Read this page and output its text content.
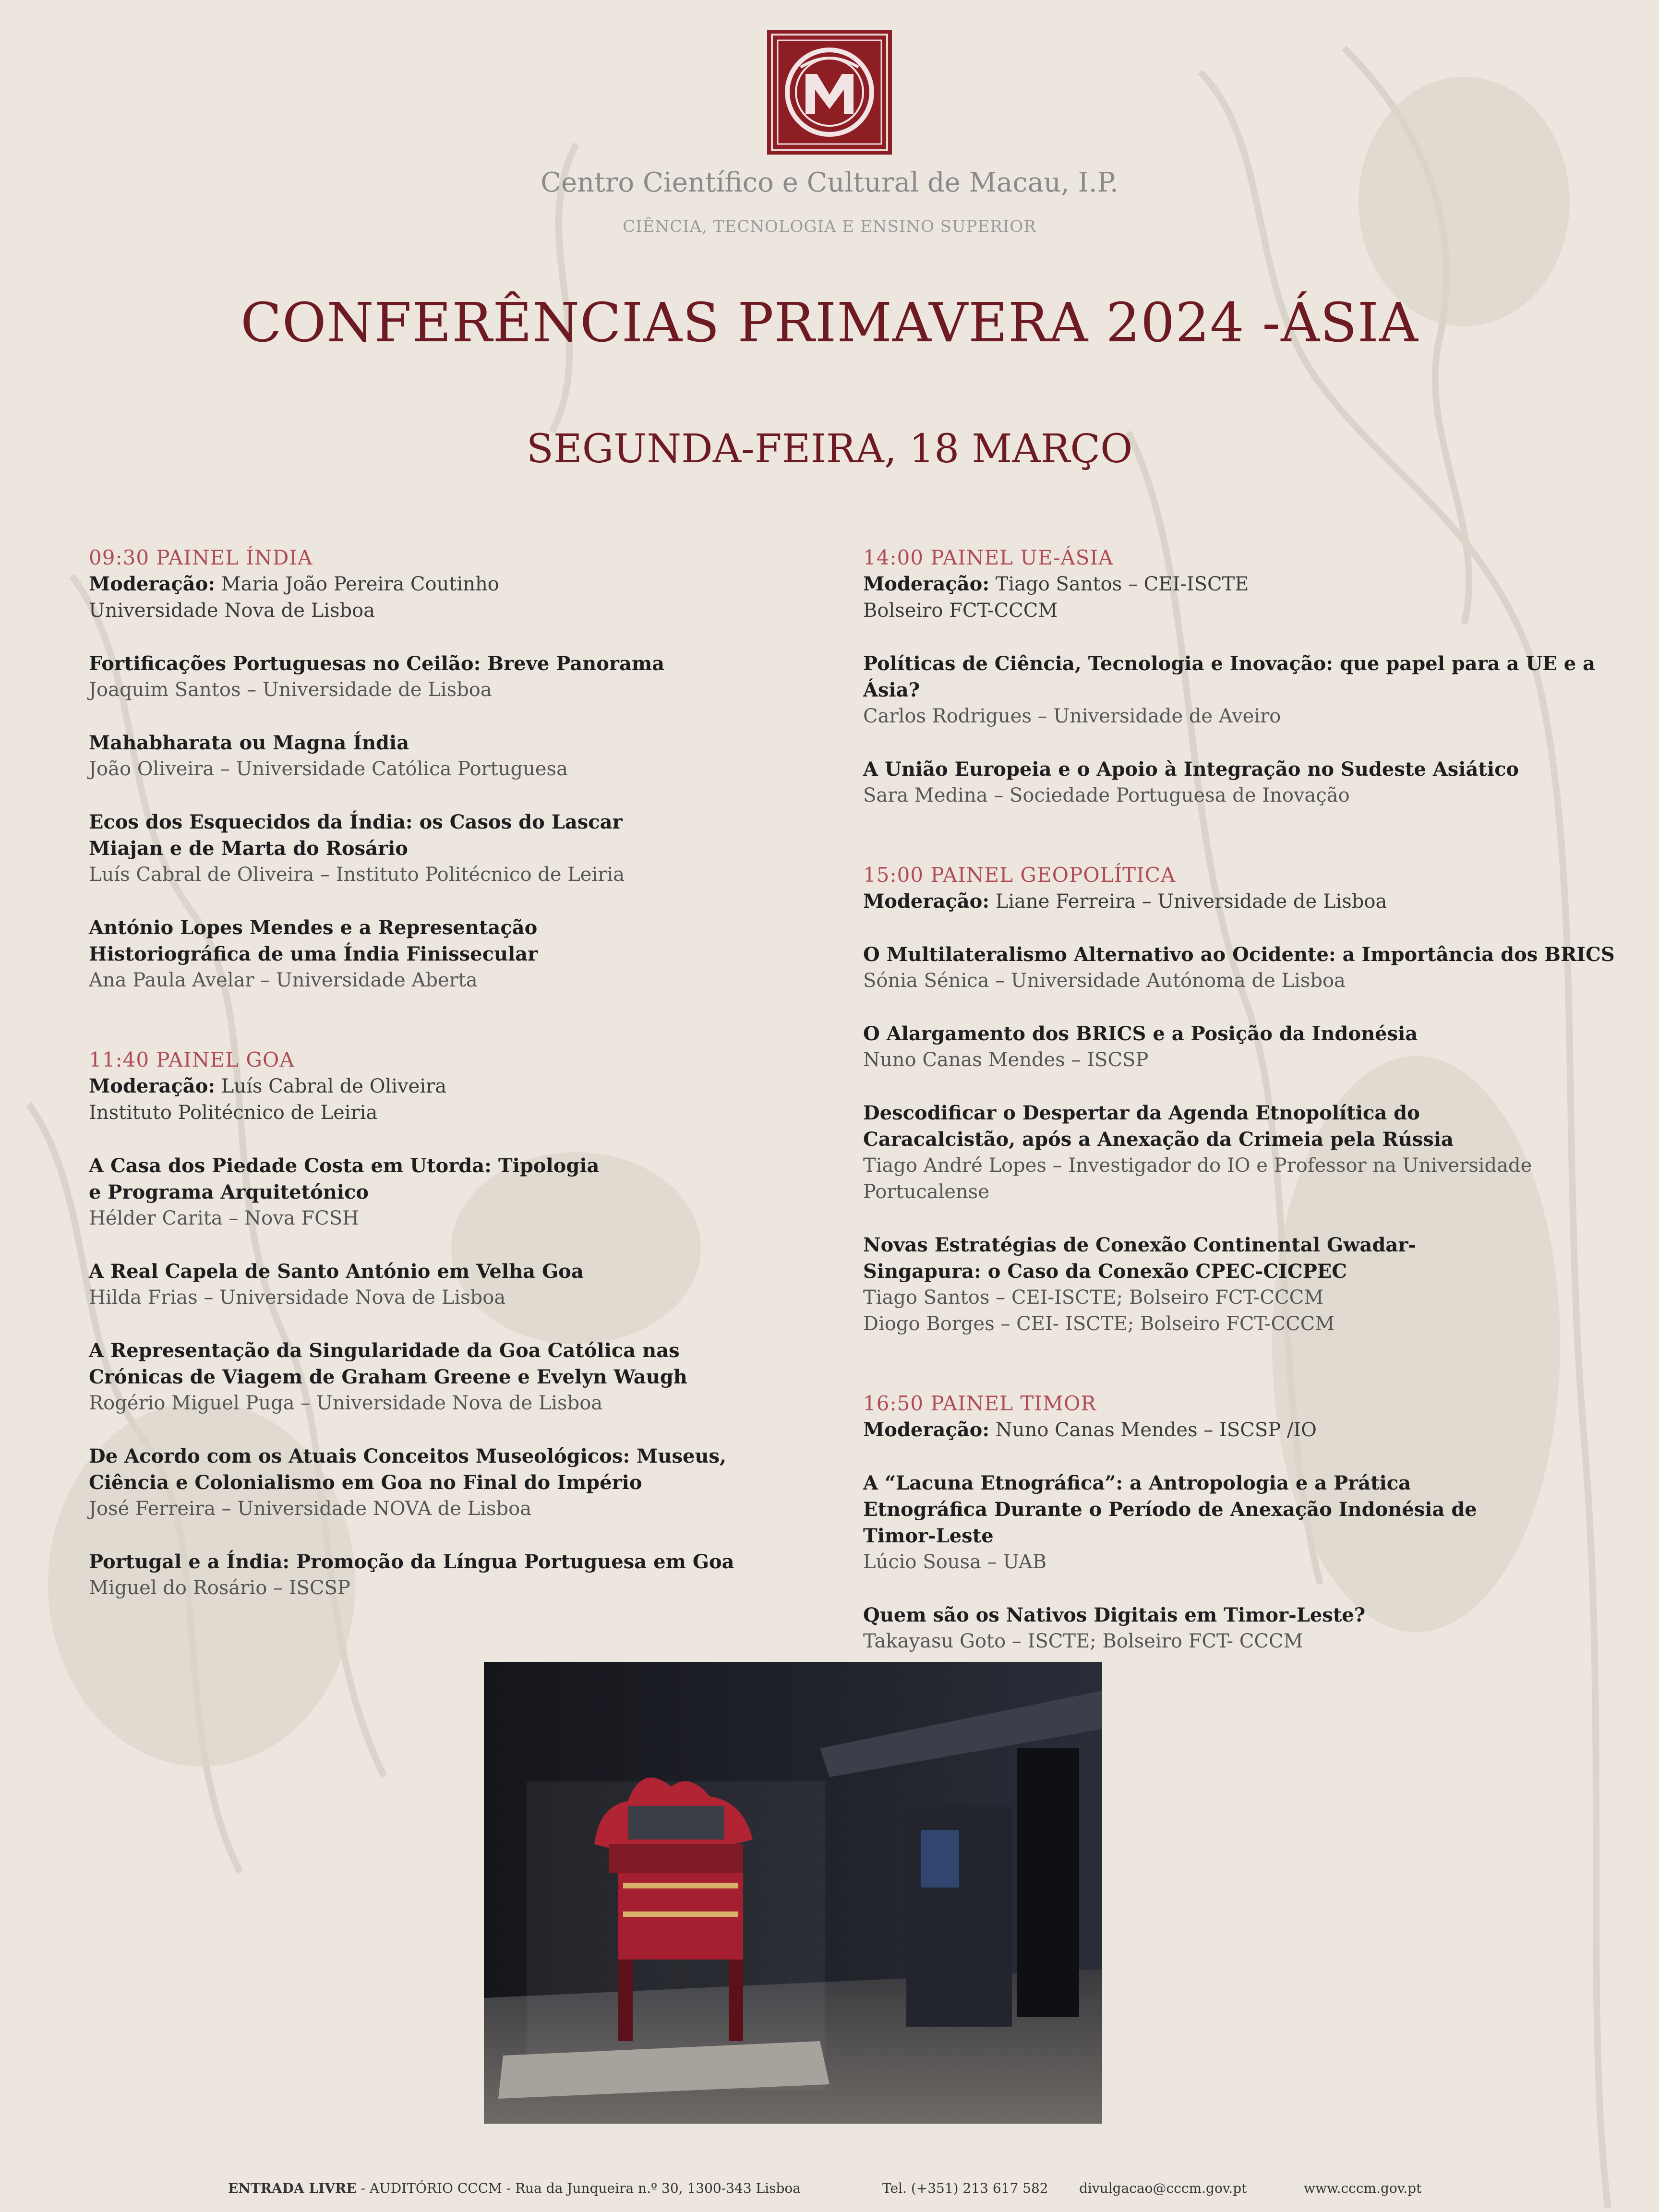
Centro Científico e Cultural de Macau, I.P.
CIÊNCIA, TECNOLOGIA E ENSINO SUPERIOR
CONFERÊNCIAS PRIMAVERA 2024 -ÁSIA
SEGUNDA-FEIRA, 18 MARÇO
09:30 PAINEL ÍNDIA
Moderação: Maria João Pereira Coutinho
Universidade Nova de Lisboa
Fortificações Portuguesas no Ceilão: Breve Panorama
Joaquim Santos – Universidade de Lisboa
Mahabharata ou Magna Índia
João Oliveira – Universidade Católica Portuguesa
Ecos dos Esquecidos da Índia: os Casos do Lascar Miajan e de Marta do Rosário
Luís Cabral de Oliveira – Instituto Politécnico de Leiria
António Lopes Mendes e a Representação Historiográfica de uma Índia Finissecular
Ana Paula Avelar – Universidade Aberta
11:40 PAINEL GOA
Moderação: Luís Cabral de Oliveira
Instituto Politécnico de Leiria
A Casa dos Piedade Costa em Utorda: Tipologia e Programa Arquitetónico
Hélder Carita – Nova FCSH
A Real Capela de Santo António em Velha Goa
Hilda Frias – Universidade Nova de Lisboa
A Representação da Singularidade da Goa Católica nas Crónicas de Viagem de Graham Greene e Evelyn Waugh
Rogério Miguel Puga – Universidade Nova de Lisboa
De Acordo com os Atuais Conceitos Museológicos: Museus, Ciência e Colonialismo em Goa no Final do Império
José Ferreira – Universidade NOVA de Lisboa
Portugal e a Índia: Promoção da Língua Portuguesa em Goa
Miguel do Rosário – ISCSP
14:00 PAINEL UE-ÁSIA
Moderação: Tiago Santos – CEI-ISCTE
Bolseiro FCT-CCCM
Políticas de Ciência, Tecnologia e Inovação: que papel para a UE e a Ásia?
Carlos Rodrigues – Universidade de Aveiro
A União Europeia e o Apoio à Integração no Sudeste Asiático
Sara Medina – Sociedade Portuguesa de Inovação
15:00 PAINEL GEOPOLÍTICA
Moderação: Liane Ferreira – Universidade de Lisboa
O Multilateralismo Alternativo ao Ocidente: a Importância dos BRICS
Sónia Sénica – Universidade Autónoma de Lisboa
O Alargamento dos BRICS e a Posição da Indonésia
Nuno Canas Mendes – ISCSP
Descodificar o Despertar da Agenda Etnopolítica do Caracalcistão, após a Anexação da Crimeia pela Rússia
Tiago André Lopes – Investigador do IO e Professor na Universidade Portucalense
Novas Estratégias de Conexão Continental Gwadar-Singapura: o Caso da Conexão CPEC-CICPEC
Tiago Santos – CEI-ISCTE; Bolseiro FCT-CCCM
Diogo Borges – CEI- ISCTE; Bolseiro FCT-CCCM
16:50 PAINEL TIMOR
Moderação: Nuno Canas Mendes – ISCSP /IO
A “Lacuna Etnográfica”: a Antropologia e a Prática Etnográfica Durante o Período de Anexação Indonésia de Timor-Leste
Lúcio Sousa – UAB
Quem são os Nativos Digitais em Timor-Leste?
Takayasu Goto – ISCTE; Bolseiro FCT- CCCM
ENTRADA LIVRE - AUDITÓRIO CCCM - Rua da Junqueira n.º 30, 1300-343 Lisboa	Tel. (+351) 213 617 582 divulgacao@cccm.gov.pt	www.cccm.gov.pt
